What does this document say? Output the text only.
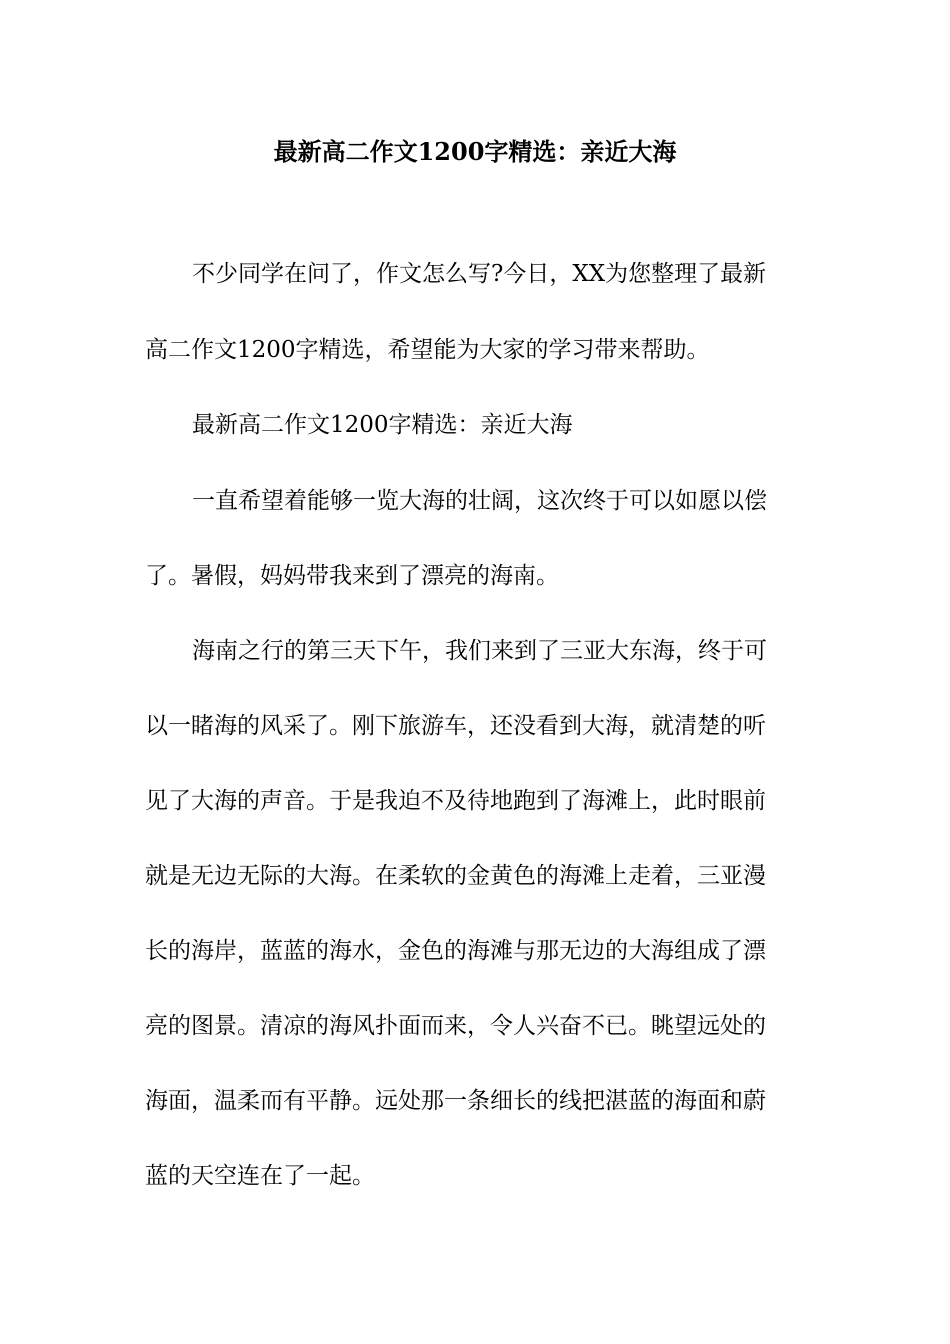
最新高二作文1200字精选：亲近大海
不少同学在问了，作文怎么写?今日，XX为您整理了最新
高二作文1200字精选，希望能为大家的学习带来帮助。
最新高二作文1200字精选：亲近大海
一直希望着能够一览大海的壮阔，这次终于可以如愿以偿
了。暑假，妈妈带我来到了漂亮的海南。
海南之行的第三天下午，我们来到了三亚大东海，终于可
以一睹海的风采了。刚下旅游车，还没看到大海，就清楚的听
见了大海的声音。于是我迫不及待地跑到了海滩上，此时眼前
就是无边无际的大海。在柔软的金黄色的海滩上走着，三亚漫
长的海岸，蓝蓝的海水，金色的海滩与那无边的大海组成了漂
亮的图景。清凉的海风扑面而来，令人兴奋不已。眺望远处的
海面，温柔而有平静。远处那一条细长的线把湛蓝的海面和蔚
蓝的天空连在了一起。
